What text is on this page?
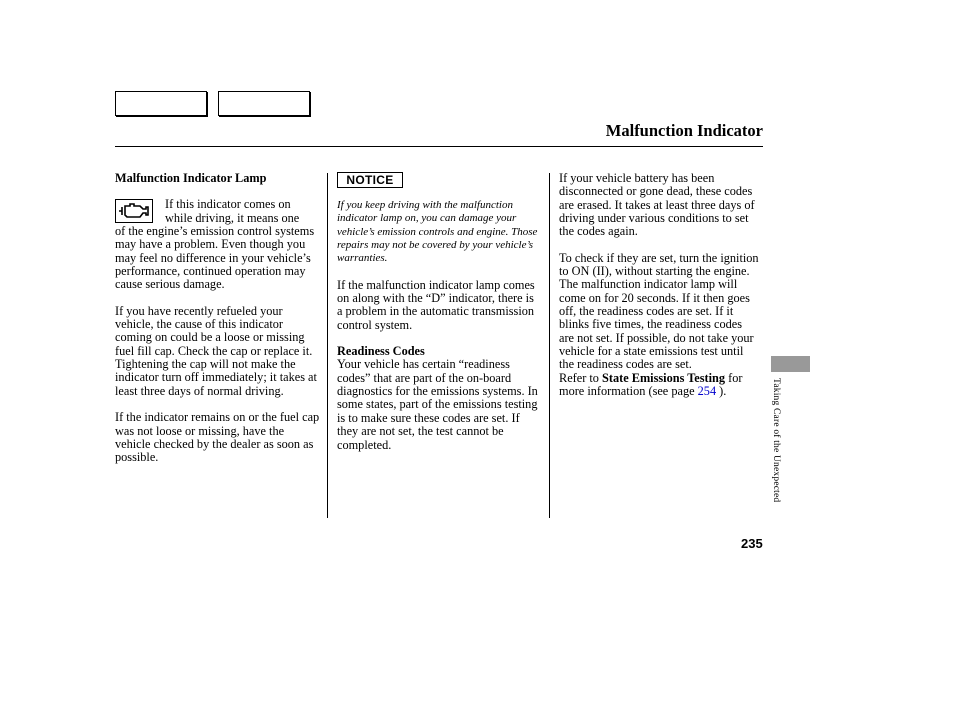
Malfunction Indicator

Malfunction Indicator Lamp

If this indicator comes on

while driving, it means one

of the engine’s emission control systems may have a problem. Even though you may feel no difference in your vehicle’s performance, continued operation may cause serious damage.

If you have recently refueled your vehicle, the cause of this indicator coming on could be a loose or missing fuel fill cap. Check the cap or replace it. Tightening the cap will not make the indicator turn off immediately; it takes at least three days of normal driving.

If the indicator remains on or the fuel cap was not loose or missing, have the vehicle checked by the dealer as soon as possible.

NOTICE

If you keep driving with the malfunction indicator lamp on, you can damage your vehicle’s emission controls and engine. Those repairs may not be covered by your vehicle’s warranties.

If the malfunction indicator lamp comes on along with the “D” indicator, there is a problem in the automatic transmission control system.

Readiness Codes

Your vehicle has certain “readiness codes” that are part of the on-board diagnostics for the emissions systems. In some states, part of the emissions testing is to make sure these codes are set. If they are not set, the test cannot be completed.

If your vehicle battery has been disconnected or gone dead, these codes are erased. It takes at least three days of driving under various conditions to set the codes again.

To check if they are set, turn the ignition to ON (II), without starting the engine. The malfunction indicator lamp will come on for 20 seconds. If it then goes off, the readiness codes are set. If it blinks five times, the readiness codes are not set. If possible, do not take your vehicle for a state emissions test until the readiness codes are set.

Refer to State Emissions Testing for more information (see page 254 ).	Taking Care of the Unexpected
235
